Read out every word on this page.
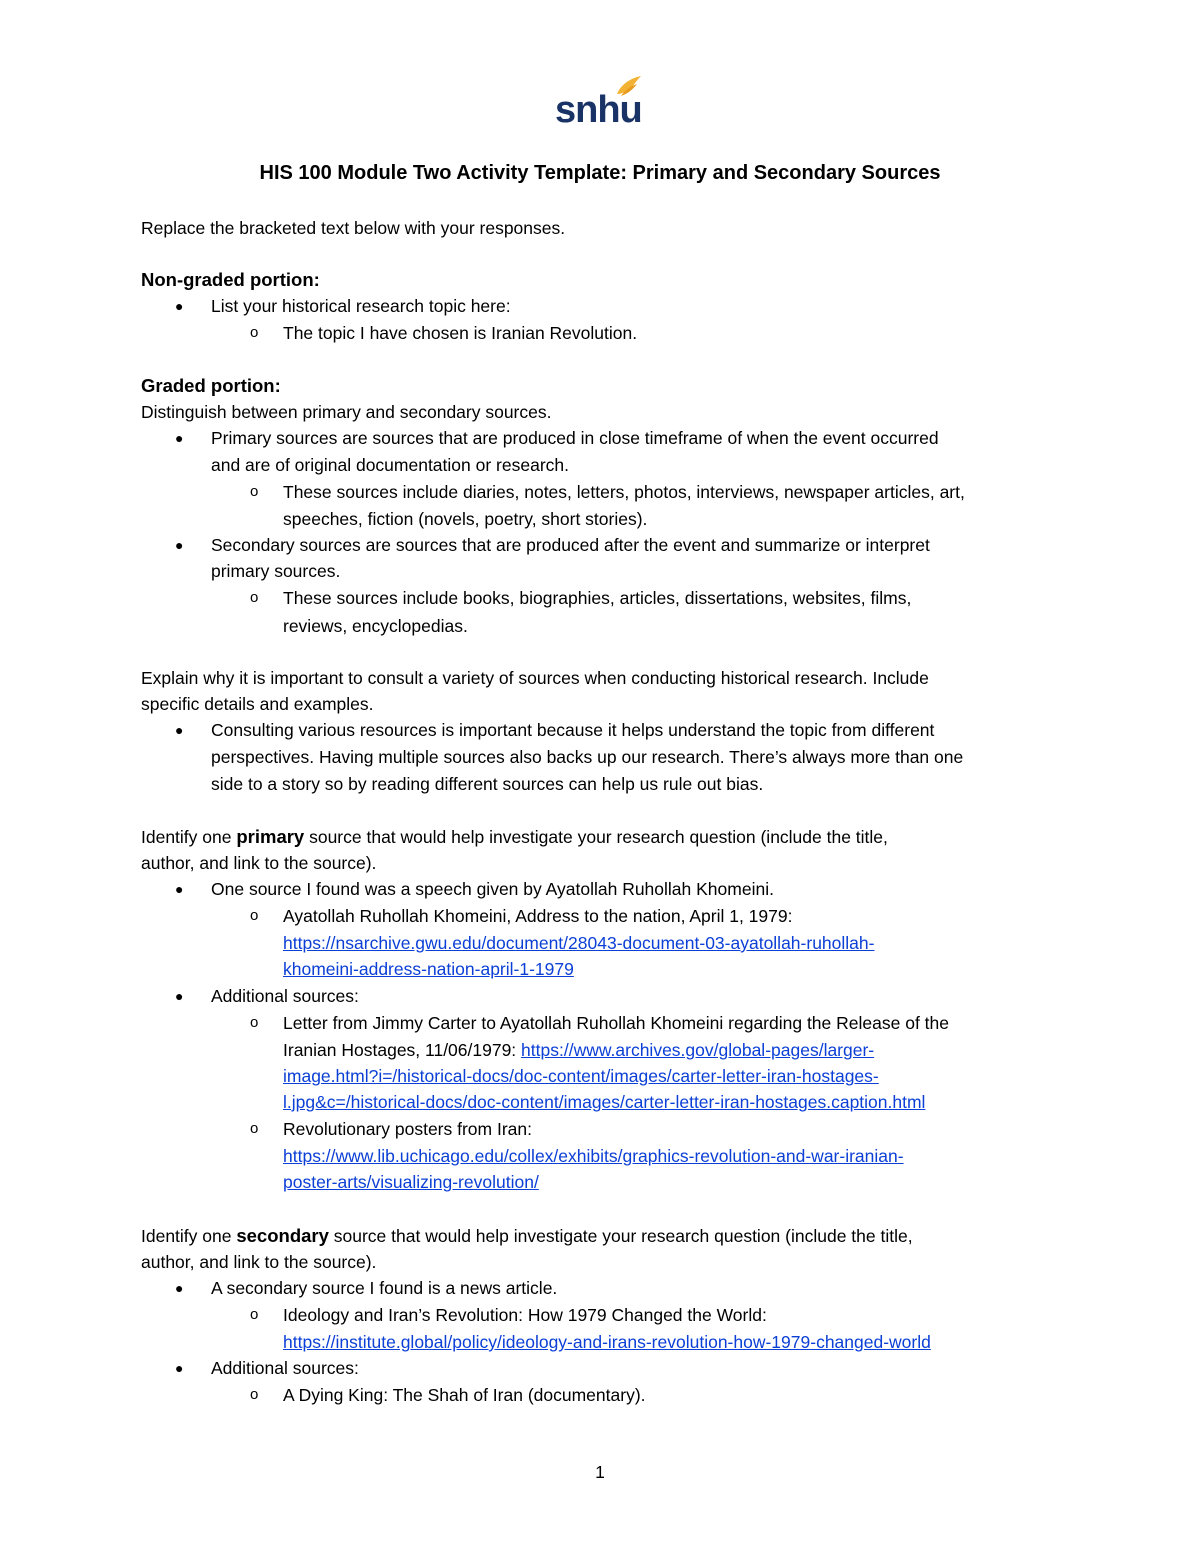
snhu
HIS 100 Module Two Activity Template: Primary and Secondary Sources
Replace the bracketed text below with your responses.
Non-graded portion:
● List your historical research topic here:
o The topic I have chosen is Iranian Revolution.
Graded portion:
Distinguish between primary and secondary sources.
● Primary sources are sources that are produced in close timeframe of when the event occurred
and are of original documentation or research.
o These sources include diaries, notes, letters, photos, interviews, newspaper articles, art,
speeches, fiction (novels, poetry, short stories).
● Secondary sources are sources that are produced after the event and summarize or interpret
primary sources.
o These sources include books, biographies, articles, dissertations, websites, films,
reviews, encyclopedias.
Explain why it is important to consult a variety of sources when conducting historical research. Include
specific details and examples.
● Consulting various resources is important because it helps understand the topic from different
perspectives. Having multiple sources also backs up our research. There’s always more than one
side to a story so by reading different sources can help us rule out bias.
Identify one primary source that would help investigate your research question (include the title,
author, and link to the source).
● One source I found was a speech given by Ayatollah Ruhollah Khomeini.
o Ayatollah Ruhollah Khomeini, Address to the nation, April 1, 1979:
https://nsarchive.gwu.edu/document/28043-document-03-ayatollah-ruhollah-
khomeini-address-nation-april-1-1979
● Additional sources:
o Letter from Jimmy Carter to Ayatollah Ruhollah Khomeini regarding the Release of the
Iranian Hostages, 11/06/1979: https://www.archives.gov/global-pages/larger-
image.html?i=/historical-docs/doc-content/images/carter-letter-iran-hostages-
l.jpg&c=/historical-docs/doc-content/images/carter-letter-iran-hostages.caption.html
o Revolutionary posters from Iran:
https://www.lib.uchicago.edu/collex/exhibits/graphics-revolution-and-war-iranian-
poster-arts/visualizing-revolution/
Identify one secondary source that would help investigate your research question (include the title,
author, and link to the source).
● A secondary source I found is a news article.
o Ideology and Iran’s Revolution: How 1979 Changed the World:
https://institute.global/policy/ideology-and-irans-revolution-how-1979-changed-world
● Additional sources:
o A Dying King: The Shah of Iran (documentary).
1
